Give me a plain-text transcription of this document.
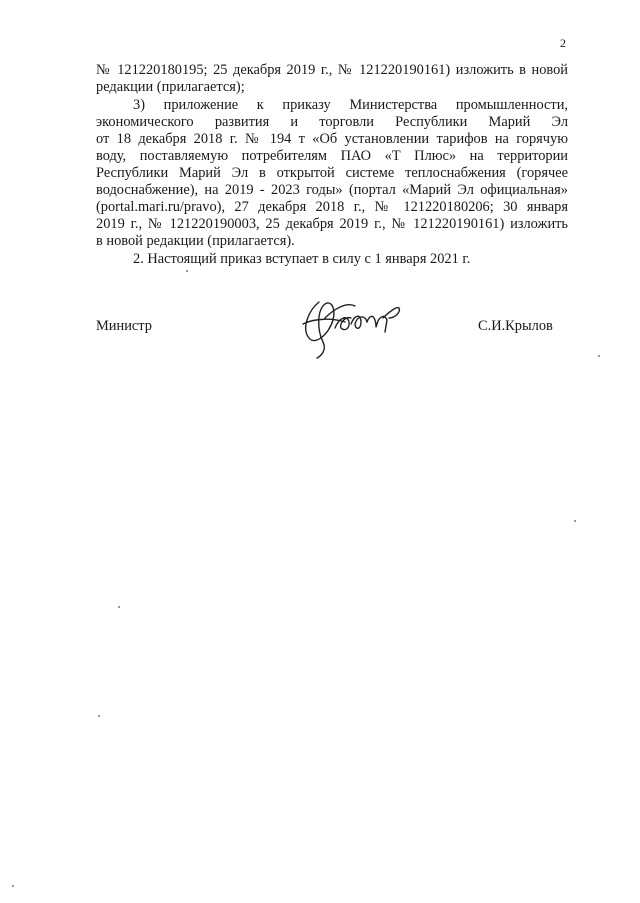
2
№ 121220180195; 25 декабря 2019 г., № 121220190161) изложить в новой
редакции (прилагается);
3) приложение к приказу Министерства промышленности,
экономического развития и торговли Республики Марий Эл
от 18 декабря 2018 г. № 194 т «Об установлении тарифов на горячую
воду, поставляемую потребителям ПАО «Т Плюс» на территории
Республики Марий Эл в открытой системе теплоснабжения (горячее
водоснабжение), на 2019 - 2023 годы» (портал «Марий Эл официальная»
(portal.mari.ru/pravo), 27 декабря 2018 г., № 121220180206; 30 января
2019 г., № 121220190003, 25 декабря 2019 г., № 121220190161) изложить
в новой редакции (прилагается).
2. Настоящий приказ вступает в силу с 1 января 2021 г.
Министр	С.И.Крылов
